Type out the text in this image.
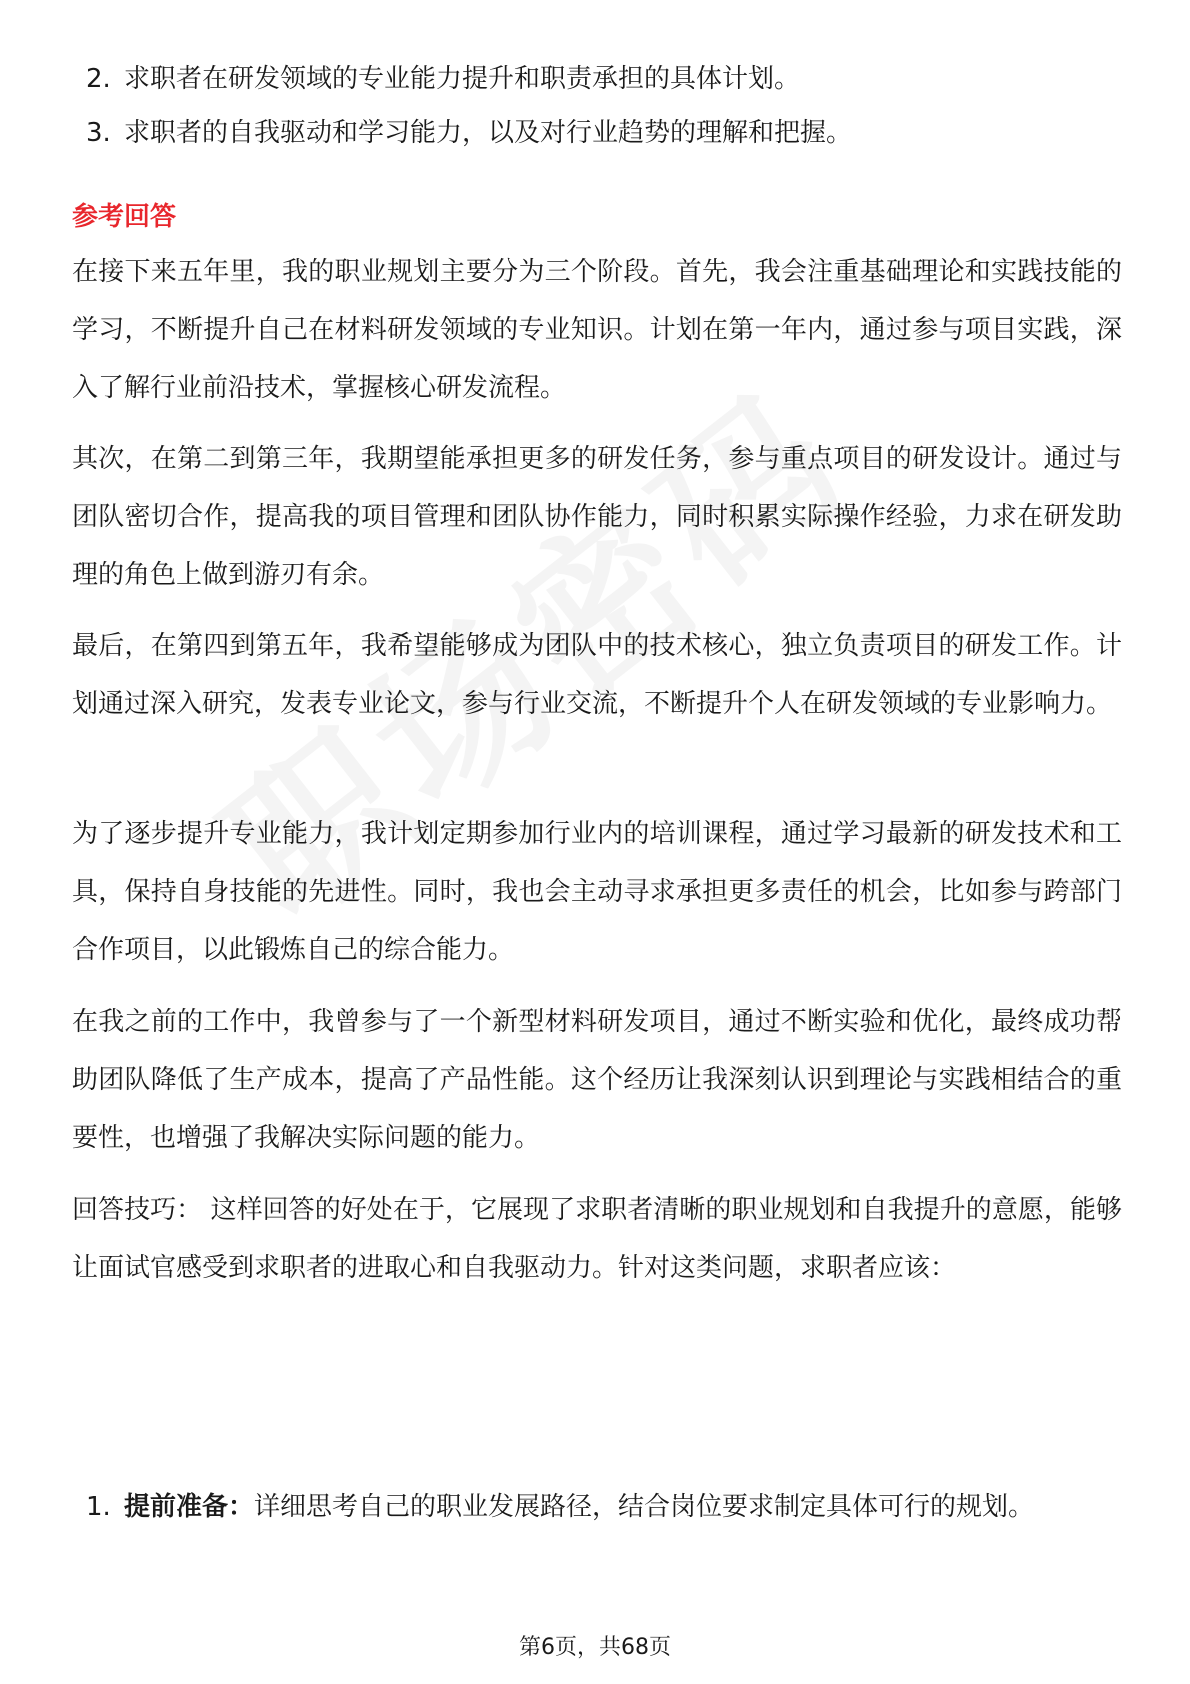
2. 求职者在研发领域的专业能力提升和职责承担的具体计划。
3. 求职者的自我驱动和学习能力，以及对行业趋势的理解和把握。
参考回答

在接下来五年里，我的职业规划主要分为三个阶段。首先，我会注重基础理论和实践技能的学习，不断提升自己在材料研发领域的专业知识。计划在第一年内，通过参与项目实践，深入了解行业前沿技术，掌握核心研发流程。

其次，在第二到第三年，我期望能承担更多的研发任务，参与重点项目的研发设计。通过与团队密切合作，提高我的项目管理和团队协作能力，同时积累实际操作经验，力求在研发助理的角色上做到游刃有余。

最后，在第四到第五年，我希望能够成为团队中的技术核心，独立负责项目的研发工作。计划通过深入研究，发表专业论文，参与行业交流，不断提升个人在研发领域的专业影响力。

为了逐步提升专业能力，我计划定期参加行业内的培训课程，通过学习最新的研发技术和工具，保持自身技能的先进性。同时，我也会主动寻求承担更多责任的机会，比如参与跨部门合作项目，以此锻炼自己的综合能力。

在我之前的工作中，我曾参与了一个新型材料研发项目，通过不断实验和优化，最终成功帮助团队降低了生产成本，提高了产品性能。这个经历让我深刻认识到理论与实践相结合的重要性，也增强了我解决实际问题的能力。

回答技巧： 这样回答的好处在于，它展现了求职者清晰的职业规划和自我提升的意愿，能够让面试官感受到求职者的进取心和自我驱动力。针对这类问题，求职者应该：

1. 提前准备：详细思考自己的职业发展路径，结合岗位要求制定具体可行的规划。
第6页，共68页
